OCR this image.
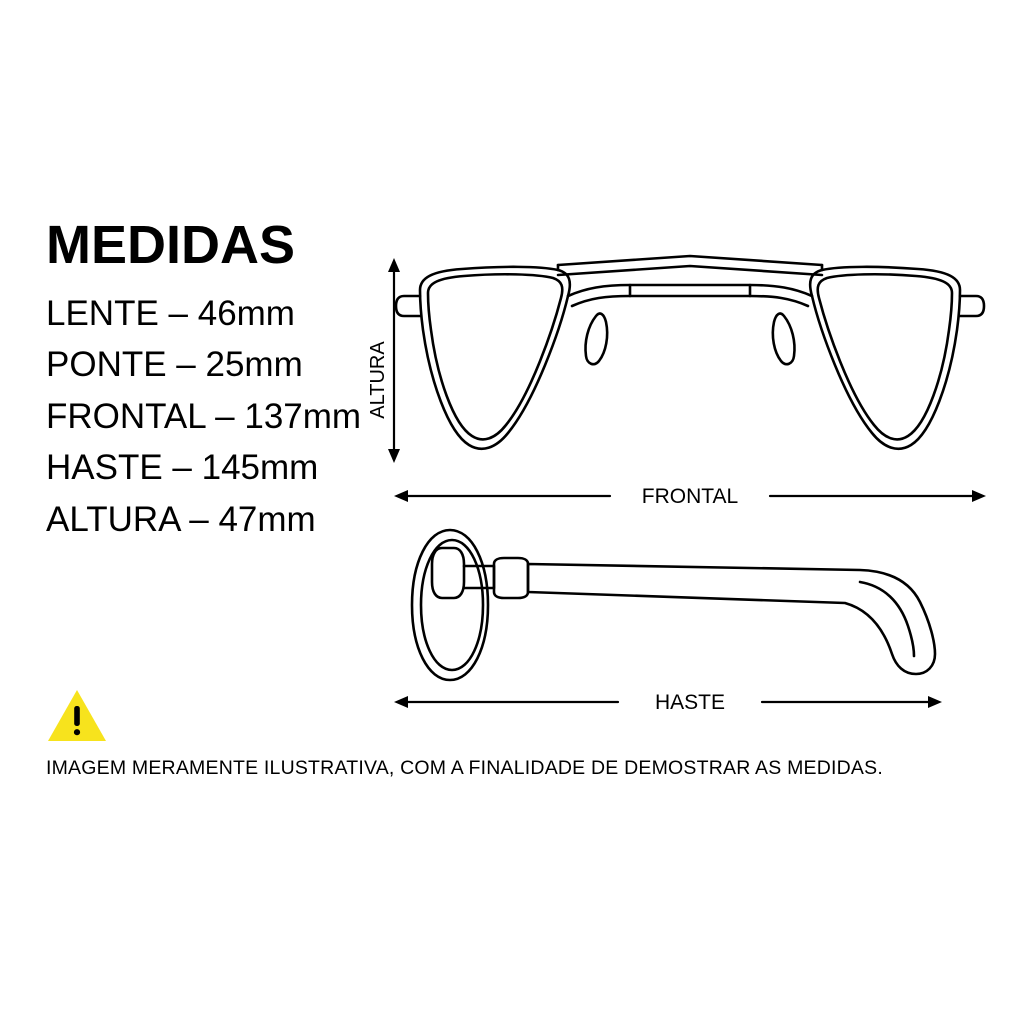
MEDIDAS
LENTE – 46mm
PONTE – 25mm
FRONTAL – 137mm
HASTE – 145mm
ALTURA – 47mm
IMAGEM MERAMENTE ILUSTRATIVA, COM A FINALIDADE DE DEMOSTRAR AS MEDIDAS.
ALTURA
FRONTAL
HASTE
